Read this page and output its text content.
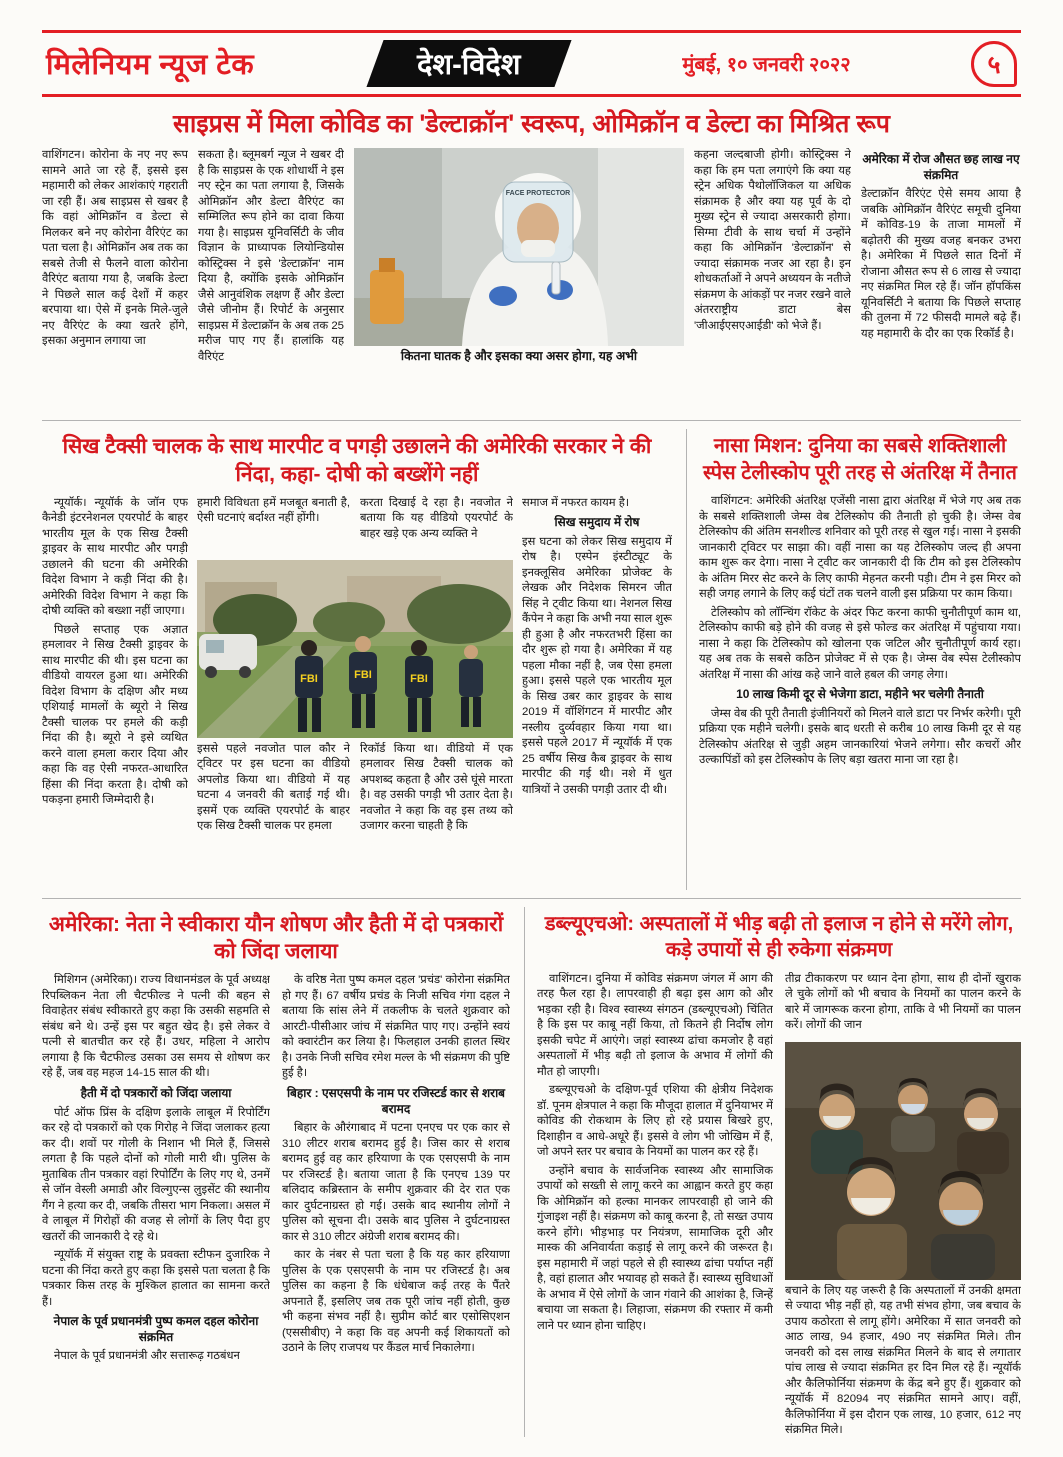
मिलेनियम न्यूज टेक	देश-विदेश	मुंबई, १० जनवरी २०२२	५
साइप्रस में मिला कोविड का 'डेल्टाक्रॉन' स्वरूप, ओमिक्रॉन व डेल्टा का मिश्रित रूप
वाशिंगटन। कोरोना के नए नए रूप सामने आते जा रहे हैं, इससे इस महामारी को लेकर आशंकाएं गहराती जा रही हैं। अब साइप्रस से खबर है कि वहां ओमिक्रॉन व डेल्टा से मिलकर बने नए कोरोना वैरिएंट का पता चला है। ओमिक्रॉन अब तक का सबसे तेजी से फैलने वाला कोरोना वैरिएंट बताया गया है, जबकि डेल्टा ने पिछले साल कई देशों में कहर बरपाया था। ऐसे में इनके मिले-जुले नए वैरिएंट के क्या खतरे होंगे, इसका अनुमान लगाया जा
सकता है। ब्लूमबर्ग न्यूज ने खबर दी है कि साइप्रस के एक शोधार्थी ने इस नए स्ट्रेन का पता लगाया है, जिसके ओमिक्रॉन और डेल्टा वैरिएंट का सम्मिलित रूप होने का दावा किया गया है। साइप्रस यूनिवर्सिटी के जीव विज्ञान के प्राध्यापक लियोन्डियोस कोस्ट्रिक्स ने इसे 'डेल्टाक्रॉन' नाम दिया है, क्योंकि इसके ओमिक्रॉन जैसे आनुवंशिक लक्षण हैं और डेल्टा जैसे जीनोम हैं। रिपोर्ट के अनुसार साइप्रस में डेल्टाक्रॉन के अब तक 25 मरीज पाए गए हैं। हालांकि यह वैरिएंट
FACE PROTECTOR
कितना घातक है और इसका क्या असर होगा, यह अभी
कहना जल्दबाजी होगी। कोस्ट्रिक्स ने कहा कि हम पता लगाएंगे कि क्या यह स्ट्रेन अधिक पैथोलॉजिकल या अधिक संक्रामक है और क्या यह पूर्व के दो मुख्य स्ट्रेन से ज्यादा असरकारी होगा। सिग्मा टीवी के साथ चर्चा में उन्होंने कहा कि ओमिक्रॉन 'डेल्टाक्रॉन' से ज्यादा संक्रामक नजर आ रहा है। इन शोधकर्ताओं ने अपने अध्ययन के नतीजे संक्रमण के आंकड़ों पर नजर रखने वाले अंतरराष्ट्रीय डाटा बेस 'जीआईएसएआईडी' को भेजे हैं।
अमेरिका में रोज औसत छह लाख नए संक्रमित
डेल्टाक्रॉन वैरिएंट ऐसे समय आया है जबकि ओमिक्रॉन वैरिएंट समूची दुनिया में कोविड-19 के ताजा मामलों में बढ़ोतरी की मुख्य वजह बनकर उभरा है। अमेरिका में पिछले सात दिनों में रोजाना औसत रूप से 6 लाख से ज्यादा नए संक्रमित मिल रहे हैं। जॉन हॉपकिंस यूनिवर्सिटी ने बताया कि पिछले सप्ताह की तुलना में 72 फीसदी मामले बढ़े हैं। यह महामारी के दौर का एक रिकॉर्ड है।
सिख टैक्सी चालक के साथ मारपीट व पगड़ी उछालने की अमेरिकी सरकार ने की निंदा, कहा- दोषी को बख्शेंगे नहीं

न्यूयॉर्क। न्यूयॉर्क के जॉन एफ कैनेडी इंटरनेशनल एयरपोर्ट के बाहर भारतीय मूल के एक सिख टैक्सी ड्राइवर के साथ मारपीट और पगड़ी उछालने की घटना की अमेरिकी विदेश विभाग ने कड़ी निंदा की है। अमेरिकी विदेश विभाग ने कहा कि दोषी व्यक्ति को बख्शा नहीं जाएगा।

पिछले सप्ताह एक अज्ञात हमलावर ने सिख टैक्सी ड्राइवर के साथ मारपीट की थी। इस घटना का वीडियो वायरल हुआ था। अमेरिकी विदेश विभाग के दक्षिण और मध्य एशियाई मामलों के ब्यूरो ने सिख टैक्सी चालक पर हमले की कड़ी निंदा की है। ब्यूरो ने इसे व्यथित करने वाला हमला करार दिया और कहा कि वह ऐसी नफरत-आधारित हिंसा की निंदा करता है। दोषी को पकड़ना हमारी जिम्मेदारी है।

हमारी विविधता हमें मजबूत बनाती है, ऐसी घटनाएं बर्दाश्त नहीं होंगी।
करता दिखाई दे रहा है। नवजोत ने बताया कि यह वीडियो एयरपोर्ट के बाहर खड़े एक अन्य व्यक्ति ने
FBI	FBI	FBI
इससे पहले नवजोत पाल कौर ने ट्विटर पर इस घटना का वीडियो अपलोड किया था। वीडियो में यह घटना 4 जनवरी की बताई गई थी। इसमें एक व्यक्ति एयरपोर्ट के बाहर एक सिख टैक्सी चालक पर हमला
रिकॉर्ड किया था। वीडियो में एक हमलावर सिख टैक्सी चालक को अपशब्द कहता है और उसे घूंसे मारता है। वह उसकी पगड़ी भी उतार देता है। नवजोत ने कहा कि वह इस तथ्य को उजागर करना चाहती है कि
समाज में नफरत कायम है।
सिख समुदाय में रोष
इस घटना को लेकर सिख समुदाय में रोष है। एस्पेन इंस्टीट्यूट के इनक्लूसिव अमेरिका प्रोजेक्ट के लेखक और निदेशक सिमरन जीत सिंह ने ट्वीट किया था। नेशनल सिख कैंपेन ने कहा कि अभी नया साल शुरू ही हुआ है और नफरतभरी हिंसा का दौर शुरू हो गया है। अमेरिका में यह पहला मौका नहीं है, जब ऐसा हमला हुआ। इससे पहले एक भारतीय मूल के सिख उबर कार ड्राइवर के साथ 2019 में वॉशिंगटन में मारपीट और नस्लीय दुर्व्यवहार किया गया था। इससे पहले 2017 में न्यूयॉर्क में एक 25 वर्षीय सिख कैब ड्राइवर के साथ मारपीट की गई थी। नशे में धुत यात्रियों ने उसकी पगड़ी उतार दी थी।
नासा मिशन: दुनिया का सबसे शक्तिशाली स्पेस टेलीस्कोप पूरी तरह से अंतरिक्ष में तैनात

वाशिंगटन: अमेरिकी अंतरिक्ष एजेंसी नासा द्वारा अंतरिक्ष में भेजे गए अब तक के सबसे शक्तिशाली जेम्स वेब टेलिस्कोप की तैनाती हो चुकी है। जेम्स वेब टेलिस्कोप की अंतिम सनशील्ड शनिवार को पूरी तरह से खुल गई। नासा ने इसकी जानकारी ट्विटर पर साझा की। वहीं नासा का यह टेलिस्कोप जल्द ही अपना काम शुरू कर देगा। नासा ने ट्वीट कर जानकारी दी कि टीम को इस टेलिस्कोप के अंतिम मिरर सेट करने के लिए काफी मेहनत करनी पड़ी। टीम ने इस मिरर को सही जगह लगाने के लिए कई घंटों तक चलने वाली इस प्रक्रिया पर काम किया।

टेलिस्कोप को लॉन्चिंग रॉकेट के अंदर फिट करना काफी चुनौतीपूर्ण काम था, टेलिस्कोप काफी बड़े होने की वजह से इसे फोल्ड कर अंतरिक्ष में पहुंचाया गया। नासा ने कहा कि टेलिस्कोप को खोलना एक जटिल और चुनौतीपूर्ण कार्य रहा। यह अब तक के सबसे कठिन प्रोजेक्ट में से एक है। जेम्स वेब स्पेस टेलीस्कोप अंतरिक्ष में नासा की आंख कहे जाने वाले हबल की जगह लेगा।

10 लाख किमी दूर से भेजेगा डाटा, महीने भर चलेगी तैनाती

जेम्स वेब की पूरी तैनाती इंजीनियरों को मिलने वाले डाटा पर निर्भर करेगी। पूरी प्रक्रिया एक महीने चलेगी। इसके बाद धरती से करीब 10 लाख किमी दूर से यह टेलिस्कोप अंतरिक्ष से जुड़ी अहम जानकारियां भेजने लगेगा। सौर कचरों और उल्कापिंडों को इस टेलिस्कोप के लिए बड़ा खतरा माना जा रहा है।

अमेरिका: नेता ने स्वीकारा यौन शोषण और हैती में दो पत्रकारों को जिंदा जलाया

मिशिगन (अमेरिका)। राज्य विधानमंडल के पूर्व अध्यक्ष रिपब्लिकन नेता ली चैटफील्ड ने पत्नी की बहन से विवाहेतर संबंध स्वीकारते हुए कहा कि उसकी सहमति से संबंध बने थे। उन्हें इस पर बहुत खेद है। इसे लेकर वे पत्नी से बातचीत कर रहे हैं। उधर, महिला ने आरोप लगाया है कि चैटफील्ड उसका उस समय से शोषण कर रहे हैं, जब वह महज 14-15 साल की थी।

हैती में दो पत्रकारों को जिंदा जलाया

पोर्ट ऑफ प्रिंस के दक्षिण इलाके लाबूल में रिपोर्टिंग कर रहे दो पत्रकारों को एक गिरोह ने जिंदा जलाकर हत्या कर दी। शवों पर गोली के निशान भी मिले हैं, जिससे लगता है कि पहले दोनों को गोली मारी थी। पुलिस के मुताबिक तीन पत्रकार वहां रिपोर्टिंग के लिए गए थे, उनमें से जॉन वेस्ली अमाडी और विल्गुएन्स लुइसेंट की स्थानीय गैंग ने हत्या कर दी, जबकि तीसरा भाग निकला। असल में वे लाबूल में गिरोहों की वजह से लोगों के लिए पैदा हुए खतरों की जानकारी दे रहे थे।

न्यूयॉर्क में संयुक्त राष्ट्र के प्रवक्ता स्टीफन दुजारिक ने घटना की निंदा करते हुए कहा कि इससे पता चलता है कि पत्रकार किस तरह के मुश्किल हालात का सामना करते हैं।

नेपाल के पूर्व प्रधानमंत्री पुष्प कमल दहल कोरोना संक्रमित

नेपाल के पूर्व प्रधानमंत्री और सत्तारूढ़ गठबंधन

के वरिष्ठ नेता पुष्प कमल दहल 'प्रचंड' कोरोना संक्रमित हो गए हैं। 67 वर्षीय प्रचंड के निजी सचिव गंगा दहल ने बताया कि सांस लेने में तकलीफ के चलते शुक्रवार को आरटी-पीसीआर जांच में संक्रमित पाए गए। उन्होंने स्वयं को क्वारंटीन कर लिया है। फिलहाल उनकी हालत स्थिर है। उनके निजी सचिव रमेश मल्ल के भी संक्रमण की पुष्टि हुई है।

बिहार : एसएसपी के नाम पर रजिस्टर्ड कार से शराब बरामद

बिहार के औरंगाबाद में पटना एनएच पर एक कार से 310 लीटर शराब बरामद हुई है। जिस कार से शराब बरामद हुई वह कार हरियाणा के एक एसएसपी के नाम पर रजिस्टर्ड है। बताया जाता है कि एनएच 139 पर बलिदाद कब्रिस्तान के समीप शुक्रवार की देर रात एक कार दुर्घटनाग्रस्त हो गई। उसके बाद स्थानीय लोगों ने पुलिस को सूचना दी। उसके बाद पुलिस ने दुर्घटनाग्रस्त कार से 310 लीटर अंग्रेजी शराब बरामद की।

कार के नंबर से पता चला है कि यह कार हरियाणा पुलिस के एक एसएसपी के नाम पर रजिस्टर्ड है। अब पुलिस का कहना है कि धंधेबाज कई तरह के पैंतरे अपनाते हैं, इसलिए जब तक पूरी जांच नहीं होती, कुछ भी कहना संभव नहीं है। सुप्रीम कोर्ट बार एसोसिएशन (एससीबीए) ने कहा कि वह अपनी कई शिकायतों को उठाने के लिए राजपथ पर कैंडल मार्च निकालेगा।

डब्ल्यूएचओ: अस्पतालों में भीड़ बढ़ी तो इलाज न होने से मरेंगे लोग, कड़े उपायों से ही रुकेगा संक्रमण

वाशिंगटन। दुनिया में कोविड संक्रमण जंगल में आग की तरह फैल रहा है। लापरवाही ही बढ़ा इस आग को और भड़का रही है। विश्व स्वास्थ्य संगठन (डब्ल्यूएचओ) चिंतित है कि इस पर काबू नहीं किया, तो कितने ही निर्दोष लोग इसकी चपेट में आएंगे। जहां स्वास्थ्य ढांचा कमजोर है वहां अस्पतालों में भीड़ बढ़ी तो इलाज के अभाव में लोगों की मौत हो जाएगी।

डब्ल्यूएचओ के दक्षिण-पूर्व एशिया की क्षेत्रीय निदेशक डॉ. पूनम क्षेत्रपाल ने कहा कि मौजूदा हालात में दुनियाभर में कोविड की रोकथाम के लिए हो रहे प्रयास बिखरे हुए, दिशाहीन व आधे-अधूरे हैं। इससे वे लोग भी जोखिम में हैं, जो अपने स्तर पर बचाव के नियमों का पालन कर रहे हैं।

उन्होंने बचाव के सार्वजनिक स्वास्थ्य और सामाजिक उपायों को सख्ती से लागू करने का आह्वान करते हुए कहा कि ओमिक्रॉन को हल्का मानकर लापरवाही हो जाने की गुंजाइश नहीं है। संक्रमण को काबू करना है, तो सख्त उपाय करने होंगे। भीड़भाड़ पर नियंत्रण, सामाजिक दूरी और मास्क की अनिवार्यता कड़ाई से लागू करने की जरूरत है। इस महामारी में जहां पहले से ही स्वास्थ्य ढांचा पर्याप्त नहीं है, वहां हालात और भयावह हो सकते हैं। स्वास्थ्य सुविधाओं के अभाव में ऐसे लोगों के जान गंवाने की आशंका है, जिन्हें बचाया जा सकता है। लिहाजा, संक्रमण की रफ्तार में कमी लाने पर ध्यान होना चाहिए।

तीव्र टीकाकरण पर ध्यान देना होगा, साथ ही दोनों खुराक ले चुके लोगों को भी बचाव के नियमों का पालन करने के बारे में जागरूक करना होगा, ताकि वे भी नियमों का पालन करें। लोगों की जान
बचाने के लिए यह जरूरी है कि अस्पतालों में उनकी क्षमता से ज्यादा भीड़ नहीं हो, यह तभी संभव होगा, जब बचाव के उपाय कठोरता से लागू होंगे। अमेरिका में सात जनवरी को आठ लाख, 94 हजार, 490 नए संक्रमित मिले। तीन जनवरी को दस लाख संक्रमित मिलने के बाद से लगातार पांच लाख से ज्यादा संक्रमित हर दिन मिल रहे हैं। न्यूयॉर्क और कैलिफोर्निया संक्रमण के केंद्र बने हुए हैं। शुक्रवार को न्यूयॉर्क में 82094 नए संक्रमित सामने आए। वहीं, कैलिफोर्निया में इस दौरान एक लाख, 10 हजार, 612 नए संक्रमित मिले।
